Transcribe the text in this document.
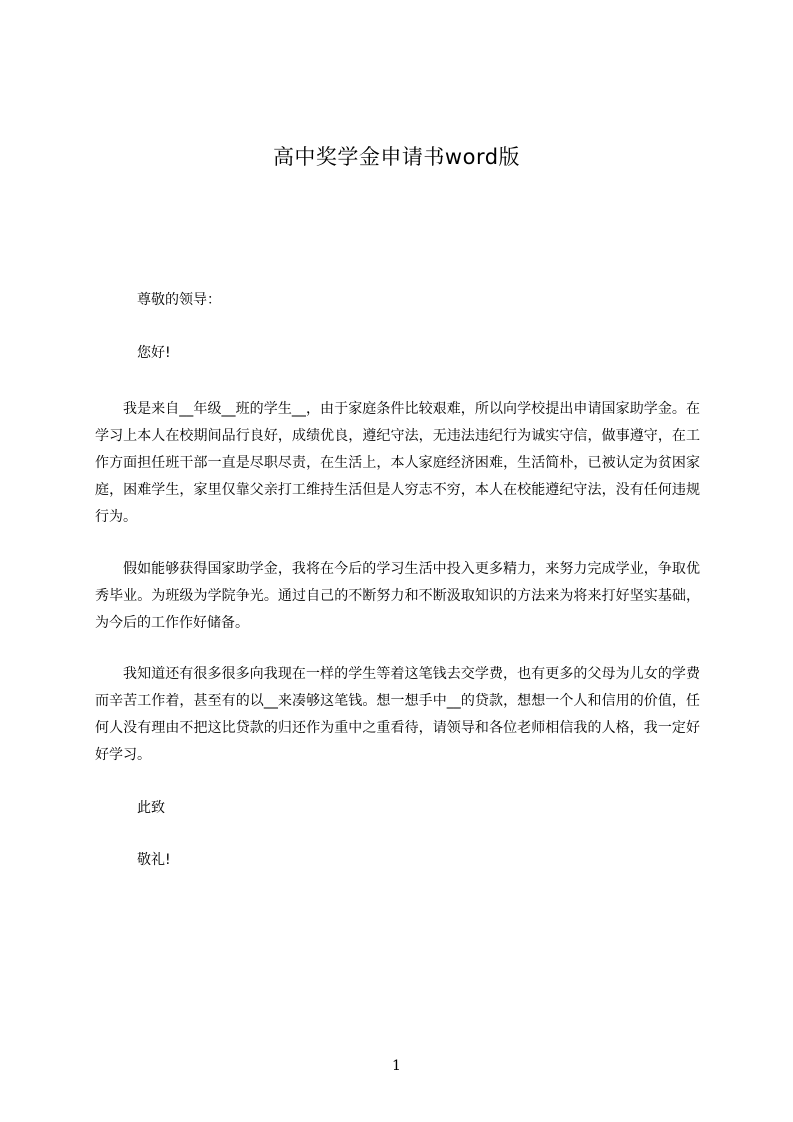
高中奖学金申请书word版
尊敬的领导：
您好!
我是来自__年级__班的学生__，由于家庭条件比较艰难，所以向学校提出申请国家助学金。在学习上本人在校期间品行良好，成绩优良，遵纪守法，无违法违纪行为诚实守信，做事遵守，在工作方面担任班干部一直是尽职尽责，在生活上，本人家庭经济困难，生活简朴，已被认定为贫困家庭，困难学生，家里仅靠父亲打工维持生活但是人穷志不穷，本人在校能遵纪守法，没有任何违规行为。
假如能够获得国家助学金，我将在今后的学习生活中投入更多精力，来努力完成学业，争取优秀毕业。为班级为学院争光。通过自己的不断努力和不断汲取知识的方法来为将来打好坚实基础，为今后的工作作好储备。
我知道还有很多很多向我现在一样的学生等着这笔钱去交学费，也有更多的父母为儿女的学费而辛苦工作着，甚至有的以__来凑够这笔钱。想一想手中__的贷款，想想一个人和信用的价值，任何人没有理由不把这比贷款的归还作为重中之重看待，请领导和各位老师相信我的人格，我一定好好学习。
此致
敬礼!
1
